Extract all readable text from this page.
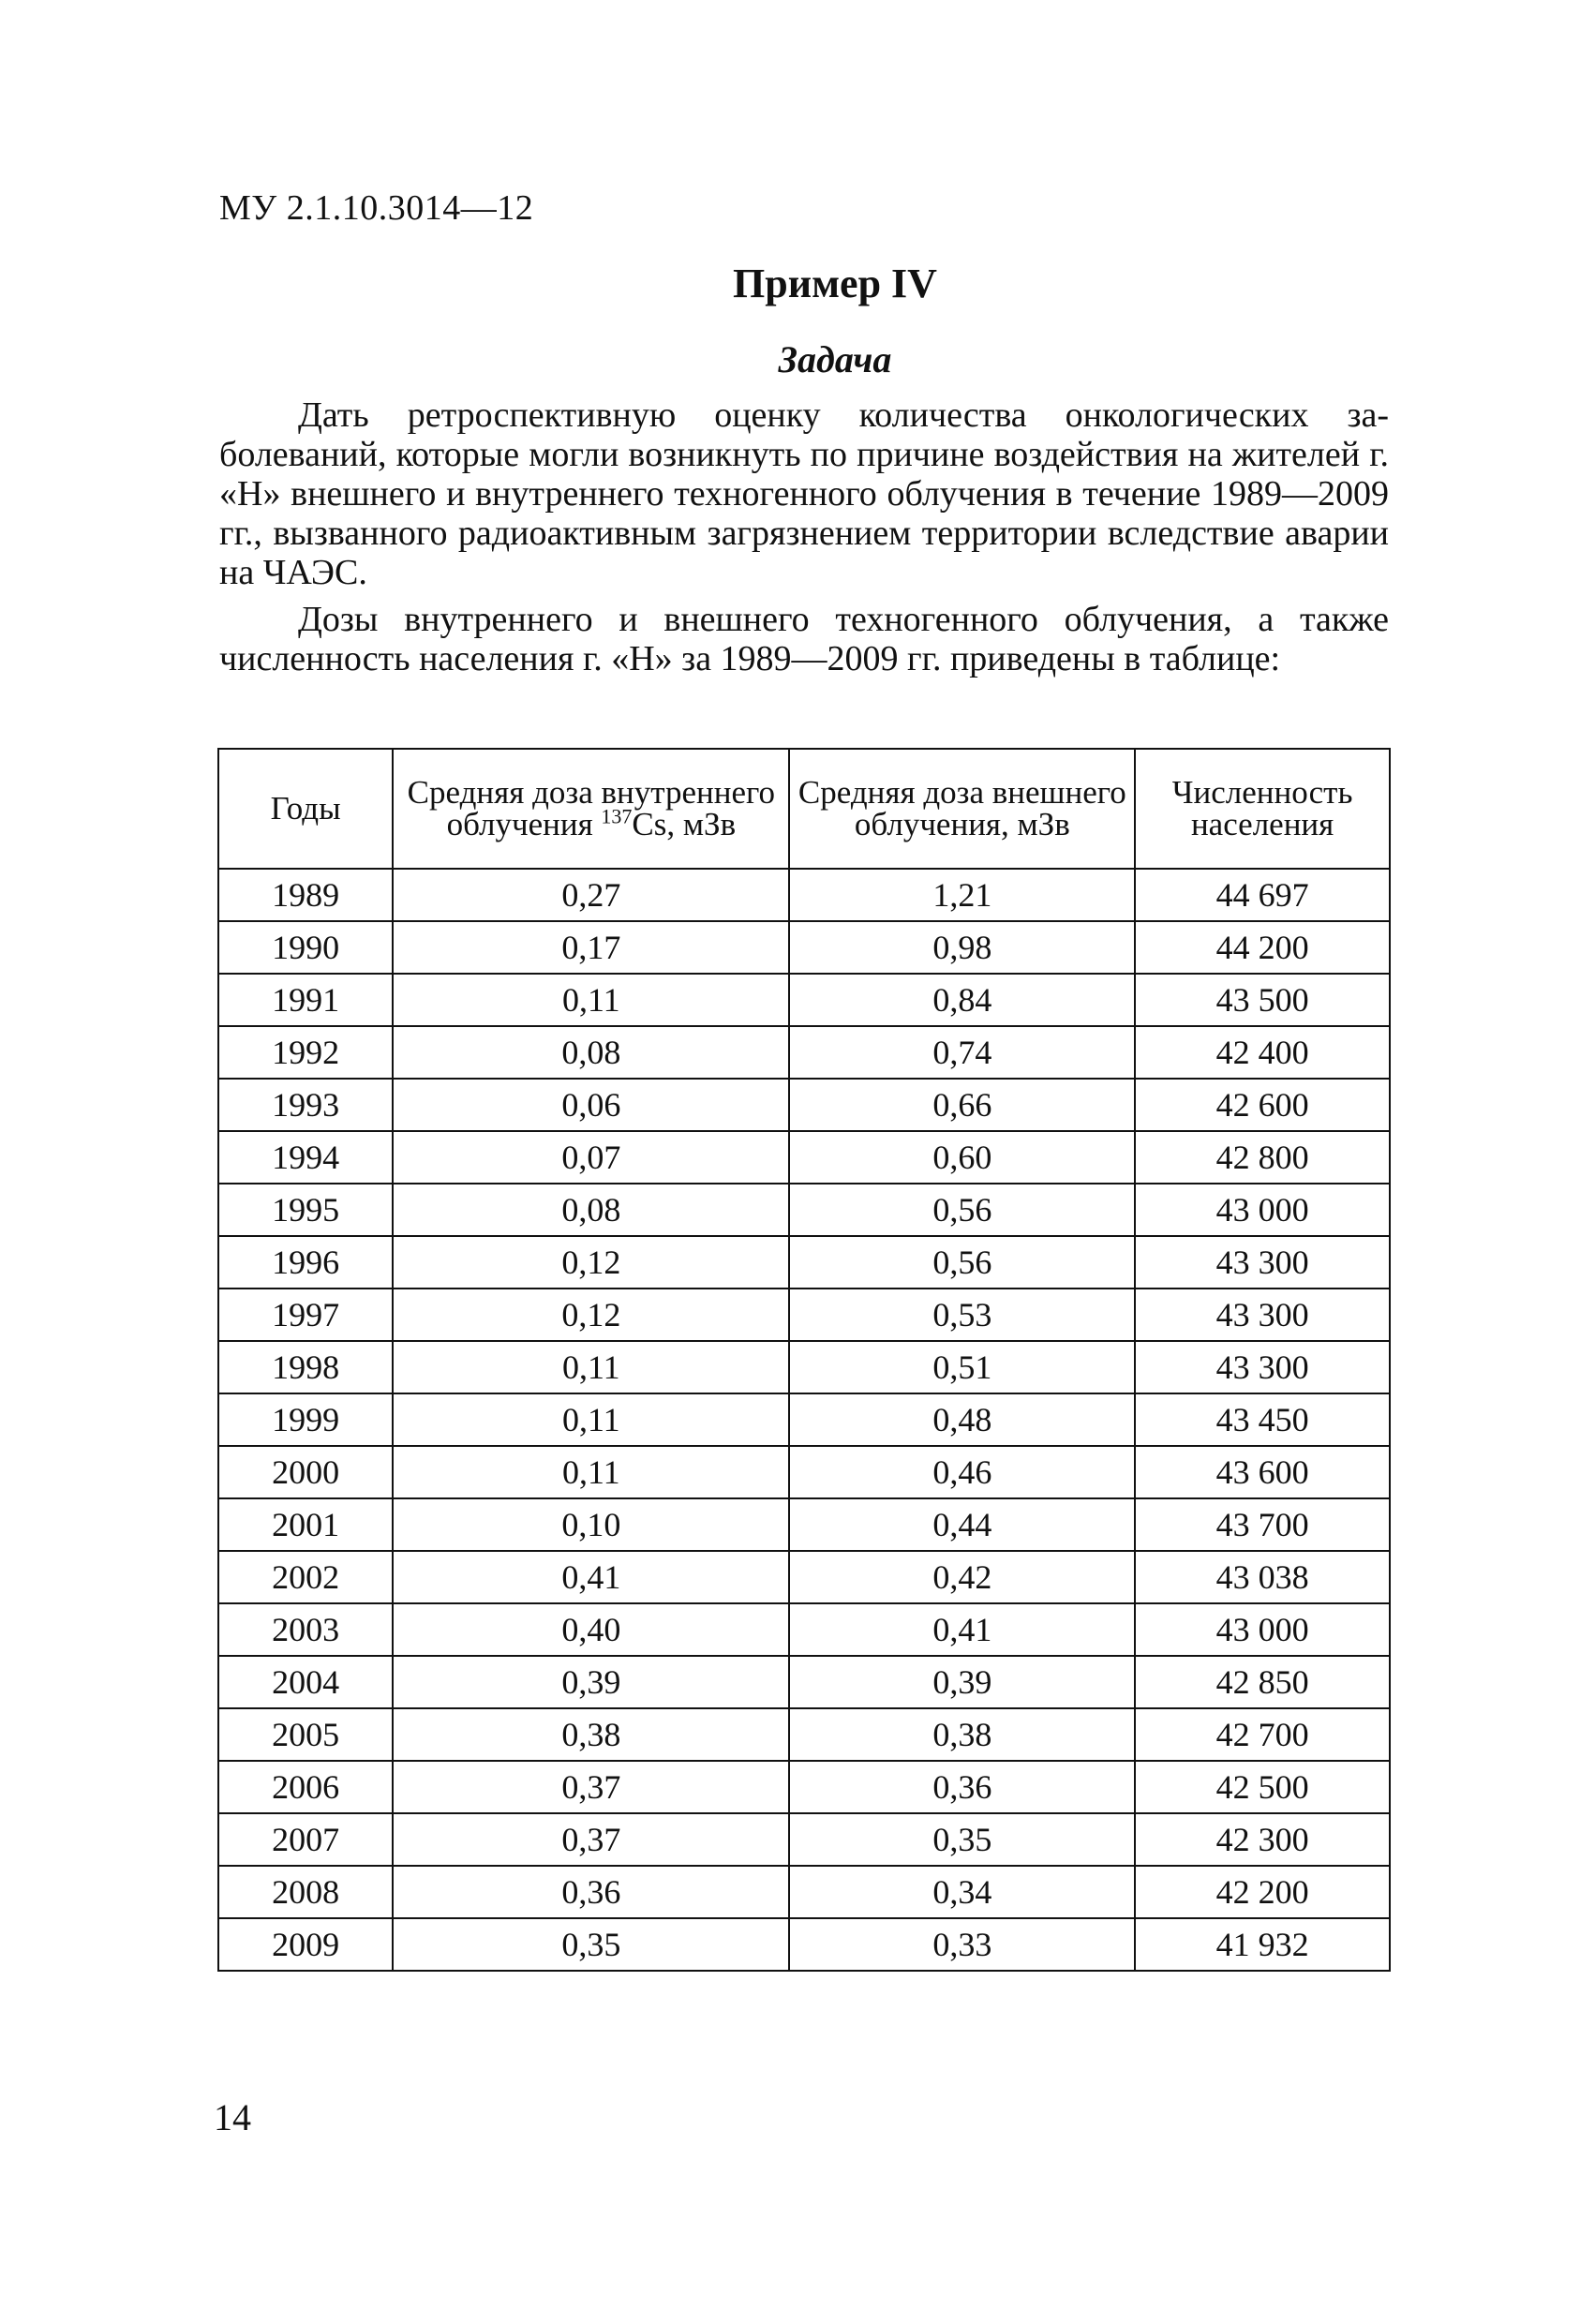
МУ 2.1.10.3014—12
Пример IV
Задача

Дать ретроспективную оценку количества онкологических заболеваний, которые могли возникнуть по причине воздействия на жителей г. «Н» внешнего и внутреннего техногенного облучения в течение 1989—2009 гг., вызванного радиоактивным загрязнением территории вследствие аварии на ЧАЭС.

Дозы внутреннего и внешнего техногенного облучения, а также численность населения г. «Н» за 1989—2009 гг. приведены в таблице:

Годы	Средняя доза внутреннего облучения $^{137}$Cs, мЗв	Средняя доза внешнего облучения, мЗв	Численность населения
1989	0,27	1,21	44 697
1990	0,17	0,98	44 200
1991	0,11	0,84	43 500
1992	0,08	0,74	42 400
1993	0,06	0,66	42 600
1994	0,07	0,60	42 800
1995	0,08	0,56	43 000
1996	0,12	0,56	43 300
1997	0,12	0,53	43 300
1998	0,11	0,51	43 300
1999	0,11	0,48	43 450
2000	0,11	0,46	43 600
2001	0,10	0,44	43 700
2002	0,41	0,42	43 038
2003	0,40	0,41	43 000
2004	0,39	0,39	42 850
2005	0,38	0,38	42 700
2006	0,37	0,36	42 500
2007	0,37	0,35	42 300
2008	0,36	0,34	42 200
2009	0,35	0,33	41 932
14
